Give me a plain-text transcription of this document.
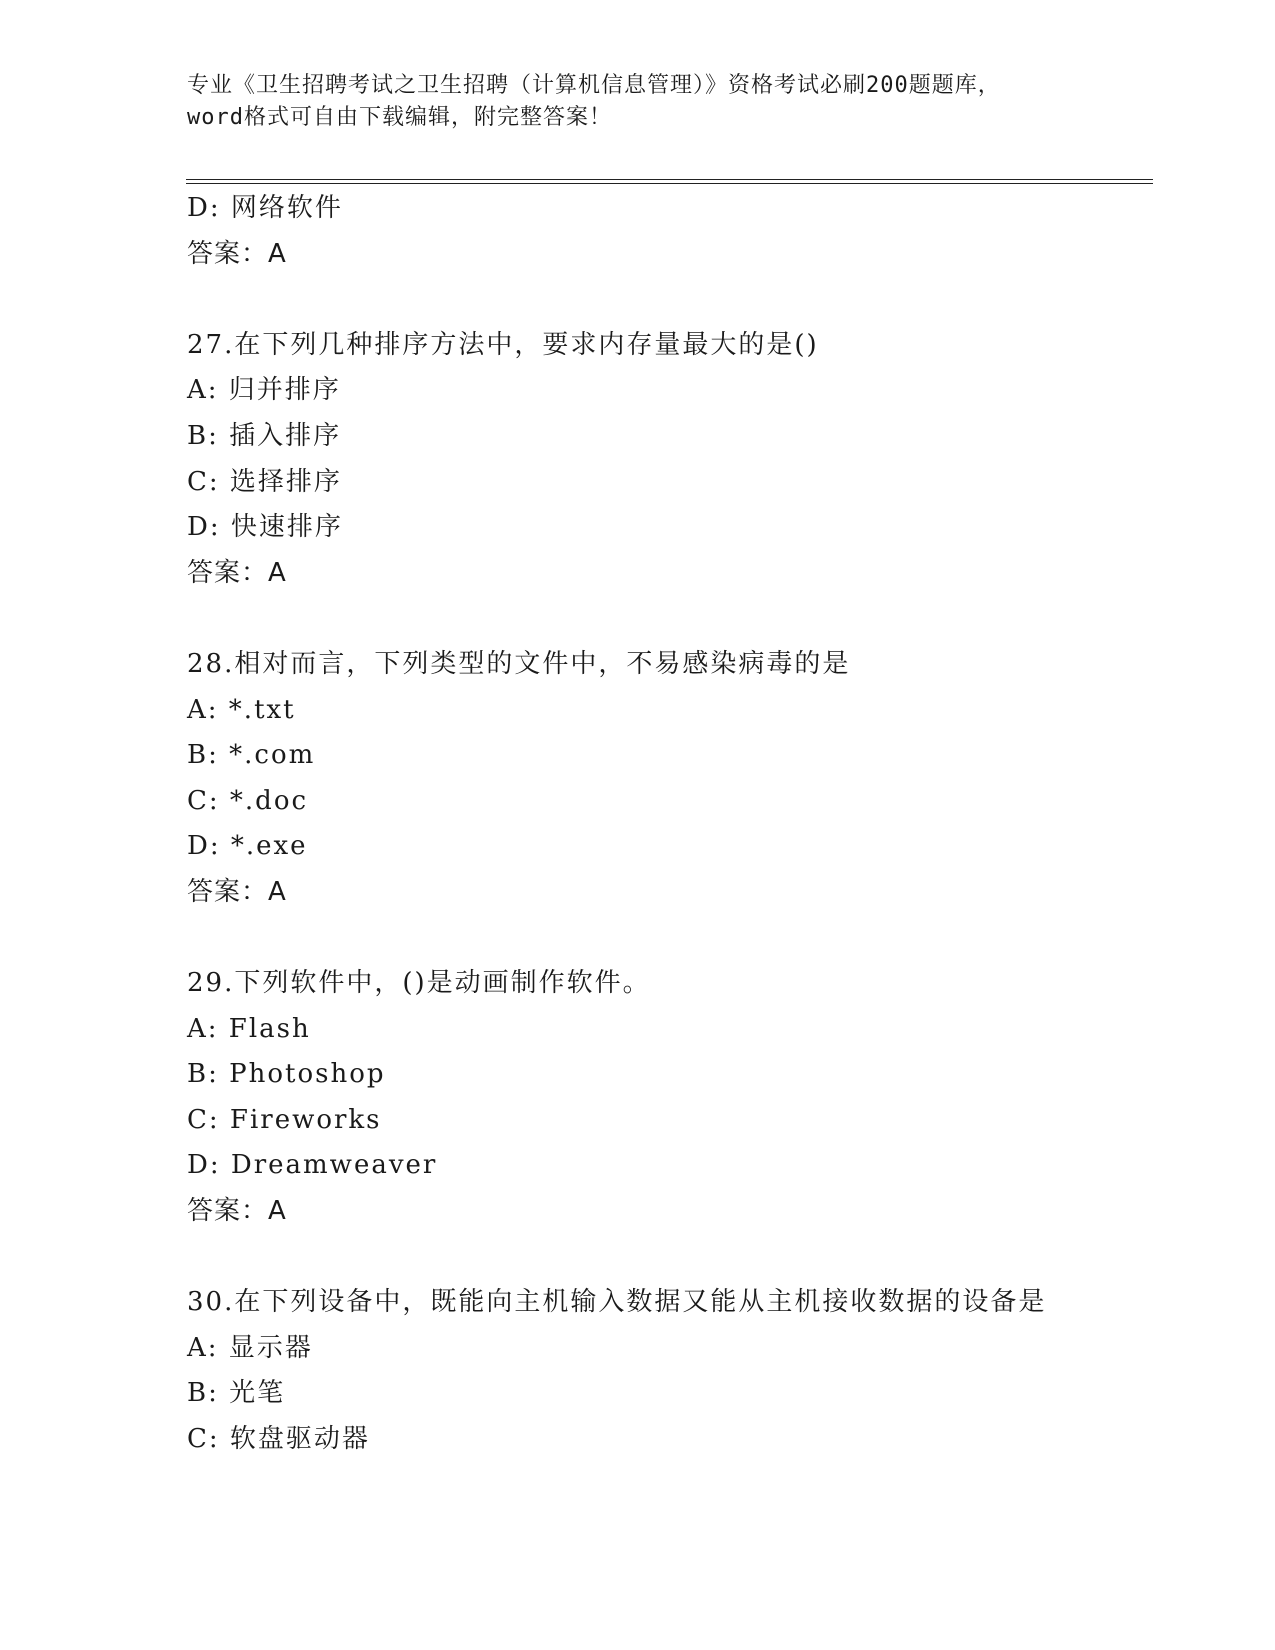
专业《卫生招聘考试之卫生招聘（计算机信息管理）》资格考试必刷200题题库，
word格式可自由下载编辑，附完整答案！
D: 网络软件
答案：A
27.在下列几种排序方法中，要求内存量最大的是()
A: 归并排序
B: 插入排序
C: 选择排序
D: 快速排序
答案：A
28.相对而言，下列类型的文件中，不易感染病毒的是
A: *.txt
B: *.com
C: *.doc
D: *.exe
答案：A
29.下列软件中，()是动画制作软件。
A: Flash
B: Photoshop
C: Fireworks
D: Dreamweaver
答案：A
30.在下列设备中，既能向主机输入数据又能从主机接收数据的设备是
A: 显示器
B: 光笔
C: 软盘驱动器
